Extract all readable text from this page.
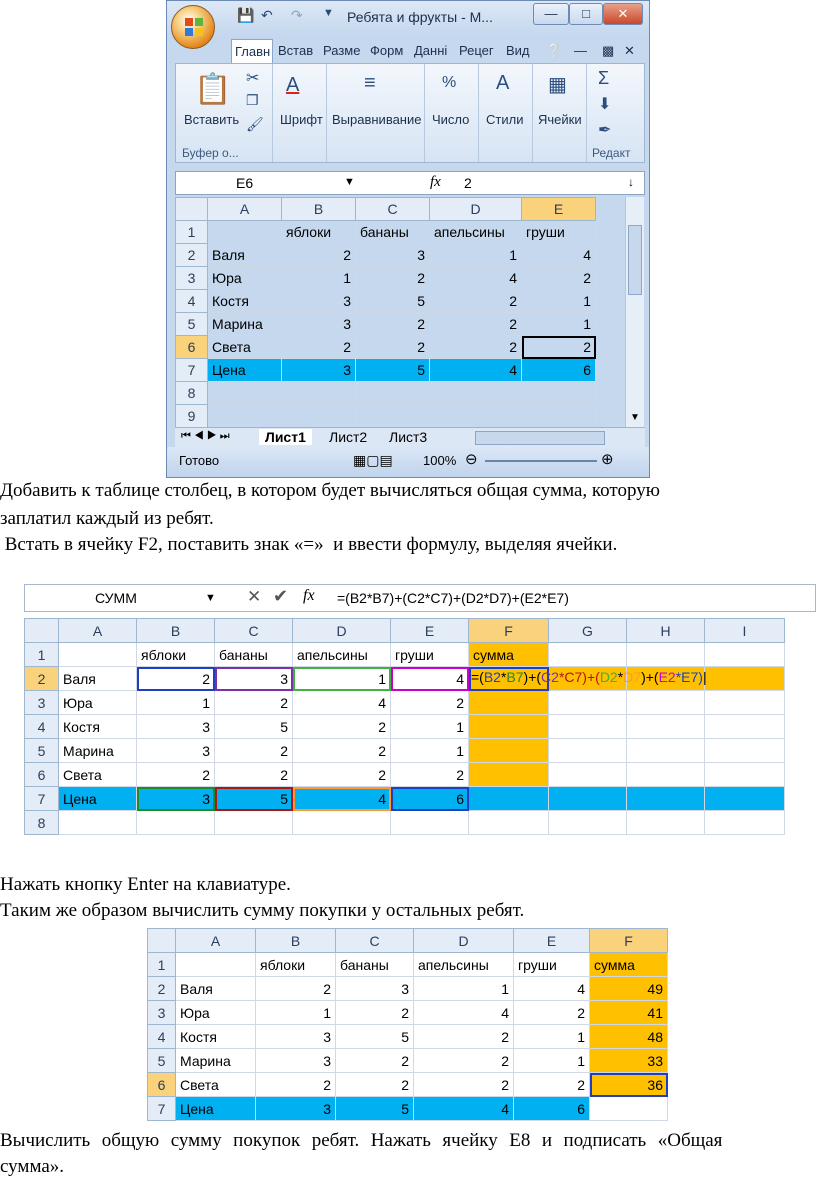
💾 ↶ ↷ ▼ Ребята и фрукты - М...	—	□	✕
Главн Встав Разме Форм Данні Рецег Вид	❔ — ▩ ✕
📋 ✂
❐
🖌
Вставить
Буфер о...
A
Шрифт
≡
Выравнивание
%
Число
A
Стили
▦
Ячейки
Σ
⬇
✒
Редакт
E6	▼	fx 2	↓
	A	B	C	D	E
1		яблоки	бананы	апельсины	груши
2	Валя	2	3	1	4
3	Юра	1	2	4	2
4	Костя	3	5	2	1
5	Марина	3	2	2	1
6	Света	2	2	2	2
7	Цена	3	5	4	6
8					
9						▼
⏮ ◀ ▶ ⏭	Лист1	Лист2	Лист3
Готово	▦▢▤ 100% ⊖	⊕
Добавить к таблице столбец, в котором будет вычисляться общая сумма, которую
заплатил каждый из ребят.
Встать в ячейку F2, поставить знак «=»  и ввести формулу, выделяя ячейки.
СУММ	▼ ✕ ✔ fx =(B2*B7)+(C2*C7)+(D2*D7)+(E2*E7)
	A	B	C	D	E	F	G	H	I
1		яблоки	бананы	апельсины	груши	сумма			
2	Валя	2	3	1	4	=(B2*B7)+(C2*C7)+(D2*D7)+(E2*E7)|			

3	Юра	1	2	4	2				
4	Костя	3	5	2	1				
5	Марина	3	2	2	1				
6	Света	2	2	2	2				
7	Цена	3	5	4	6				
8									
Нажать кнопку Enter на клавиатуре.
Таким же образом вычислить сумму покупки у остальных ребят.
	A	B	C	D	E	F
1		яблоки	бананы	апельсины	груши	сумма
2	Валя	2	3	1	4	49
3	Юра	1	2	4	2	41
4	Костя	3	5	2	1	48
5	Марина	3	2	2	1	33
6	Света	2	2	2	2	36
7	Цена	3	5	4	6	
Вычислить  общую  сумму  покупок  ребят.  Нажать  ячейку  E8  и  подписать  «Общая
сумма».
